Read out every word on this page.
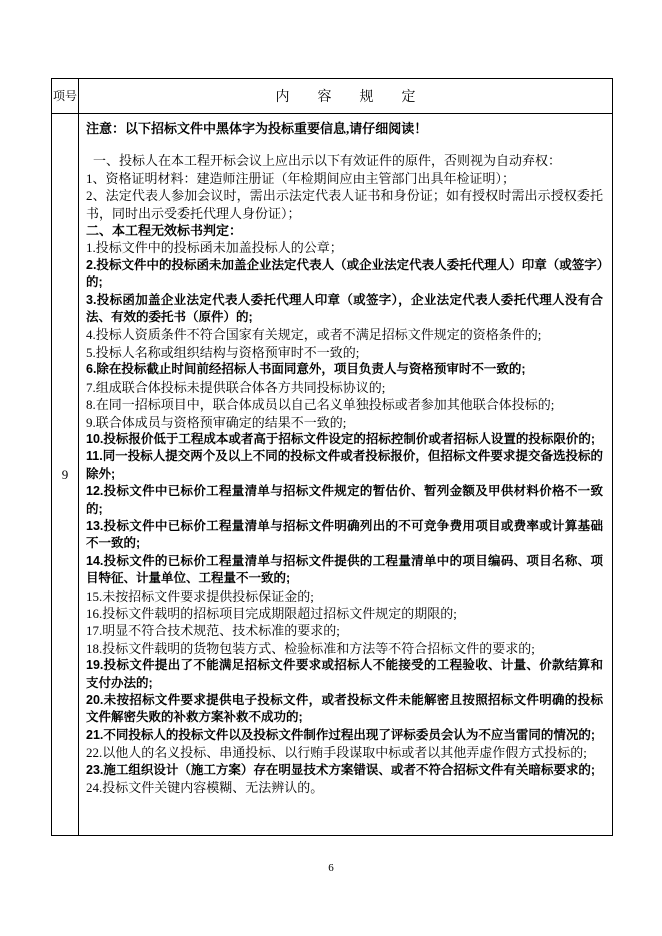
项号	内　　容　　规　　定
9	

注意：以下招标文件中黑体字为投标重要信息,请仔细阅读！

一、投标人在本工程开标会议上应出示以下有效证件的原件，否则视为自动弃权：

1、资格证明材料：建造师注册证（年检期间应由主管部门出具年检证明）；

2、法定代表人参加会议时，需出示法定代表人证书和身份证；如有授权时需出示授权委托书，同时出示受委托代理人身份证）；

二、本工程无效标书判定：

1.投标文件中的投标函未加盖投标人的公章；

2.投标文件中的投标函未加盖企业法定代表人（或企业法定代表人委托代理人）印章（或签字）的;

3.投标函加盖企业法定代表人委托代理人印章（或签字），企业法定代表人委托代理人没有合法、有效的委托书（原件）的;

4.投标人资质条件不符合国家有关规定，或者不满足招标文件规定的资格条件的;

5.投标人名称或组织结构与资格预审时不一致的;

6.除在投标截止时间前经招标人书面同意外，项目负责人与资格预审时不一致的;

7.组成联合体投标未提供联合体各方共同投标协议的;

8.在同一招标项目中，联合体成员以自己名义单独投标或者参加其他联合体投标的;

9.联合体成员与资格预审确定的结果不一致的;

10.投标报价低于工程成本或者高于招标文件设定的招标控制价或者招标人设置的投标限价的;

11.同一投标人提交两个及以上不同的投标文件或者投标报价，但招标文件要求提交备选投标的除外;

12.投标文件中已标价工程量清单与招标文件规定的暂估价、暂列金额及甲供材料价格不一致的;

13.投标文件中已标价工程量清单与招标文件明确列出的不可竞争费用项目或费率或计算基础不一致的;

14.投标文件的已标价工程量清单与招标文件提供的工程量清单中的项目编码、项目名称、项目特征、计量单位、工程量不一致的;

15.未按招标文件要求提供投标保证金的;

16.投标文件载明的招标项目完成期限超过招标文件规定的期限的;

17.明显不符合技术规范、技术标准的要求的;

18.投标文件载明的货物包装方式、检验标准和方法等不符合招标文件的要求的;

19.投标文件提出了不能满足招标文件要求或招标人不能接受的工程验收、计量、价款结算和支付办法的;

20.未按招标文件要求提供电子投标文件，或者投标文件未能解密且按照招标文件明确的投标文件解密失败的补救方案补救不成功的;

21.不同投标人的投标文件以及投标文件制作过程出现了评标委员会认为不应当雷同的情况的;

22.以他人的名义投标、串通投标、以行贿手段谋取中标或者以其他弄虚作假方式投标的;

23.施工组织设计（施工方案）存在明显技术方案错误、或者不符合招标文件有关暗标要求的;

24.投标文件关键内容模糊、无法辨认的。

6
